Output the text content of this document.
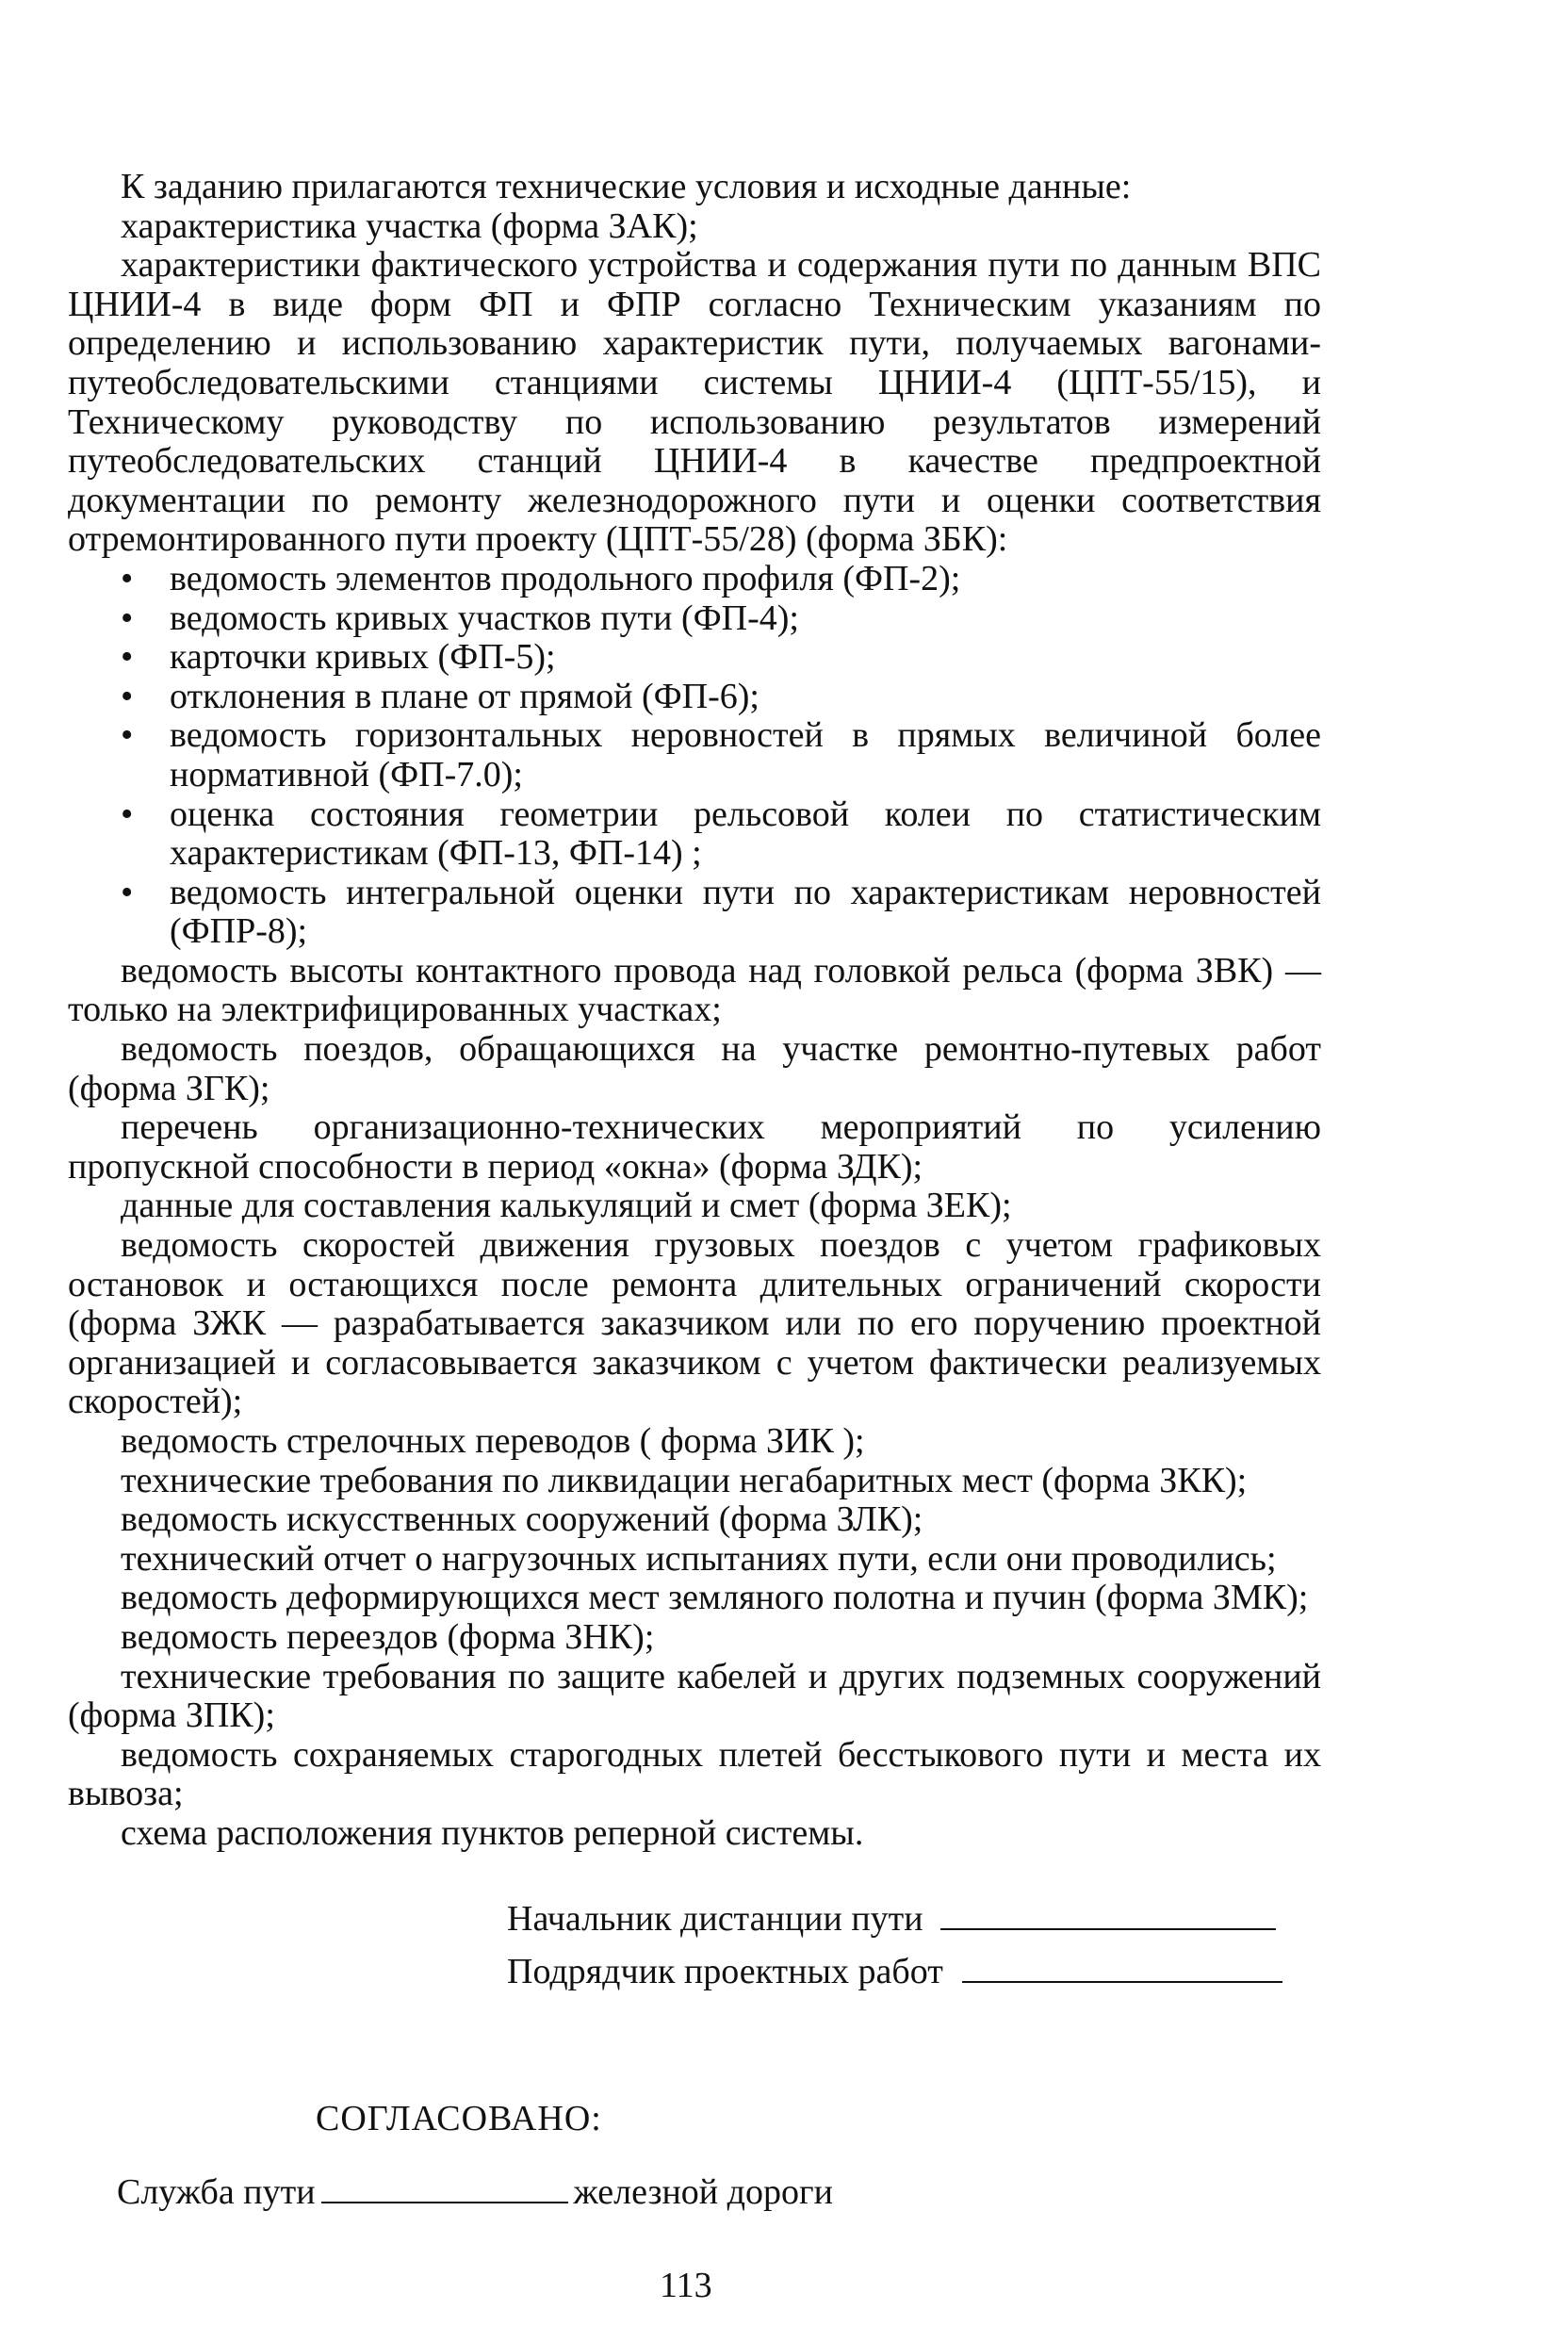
К заданию прилагаются технические условия и исходные данные:

характеристика участка (форма ЗАК);

характеристики фактического устройства и содержания пути по данным ВПС ЦНИИ-4 в виде форм ФП и ФПР согласно Техническим указаниям по определению и использованию характеристик пути, получаемых вагонами-путеобследовательскими станциями системы ЦНИИ-4 (ЦПТ-55/15), и Техническому руководству по использованию результатов измерений путеобследовательских станций ЦНИИ-4 в качестве предпроектной документации по ремонту железнодорожного пути и оценки соответствия отремонтированного пути проекту (ЦПТ-55/28) (форма ЗБК):

• ведомость элементов продольного профиля (ФП-2);
• ведомость кривых участков пути (ФП-4);
• карточки кривых (ФП-5);
• отклонения в плане от прямой (ФП-6);
• ведомость горизонтальных неровностей в прямых величиной более нормативной (ФП-7.0);
• оценка состояния геометрии рельсовой колеи по статистическим характеристикам (ФП-13, ФП-14) ;
• ведомость интегральной оценки пути по характеристикам неровностей (ФПР-8);

ведомость высоты контактного провода над головкой рельса (форма ЗВК) — только на электрифицированных участках;

ведомость поездов, обращающихся на участке ремонтно-путевых работ (форма ЗГК);

перечень организационно-технических мероприятий по усилению пропускной способности в период «окна» (форма ЗДК);

данные для составления калькуляций и смет (форма ЗЕК);

ведомость скоростей движения грузовых поездов с учетом графиковых остановок и остающихся после ремонта длительных ограничений скорости (форма ЗЖК — разрабатывается заказчиком или по его поручению проектной организацией и согласовывается заказчиком с учетом фактически реализуемых скоростей);

ведомость стрелочных переводов ( форма ЗИК );

технические требования по ликвидации негабаритных мест (форма ЗКК);

ведомость искусственных сооружений (форма ЗЛК);

технический отчет о нагрузочных испытаниях пути, если они проводились;

ведомость деформирующихся мест земляного полотна и пучин (форма ЗМК);

ведомость переездов (форма ЗНК);

технические требования по защите кабелей и других подземных сооружений (форма ЗПК);

ведомость сохраняемых старогодных плетей бесстыкового пути и места их вывоза;

схема расположения пунктов реперной системы.

Начальник дистанции пути
Подрядчик проектных работ
СОГЛАСОВАНО:
Служба пути	железной дороги
113
